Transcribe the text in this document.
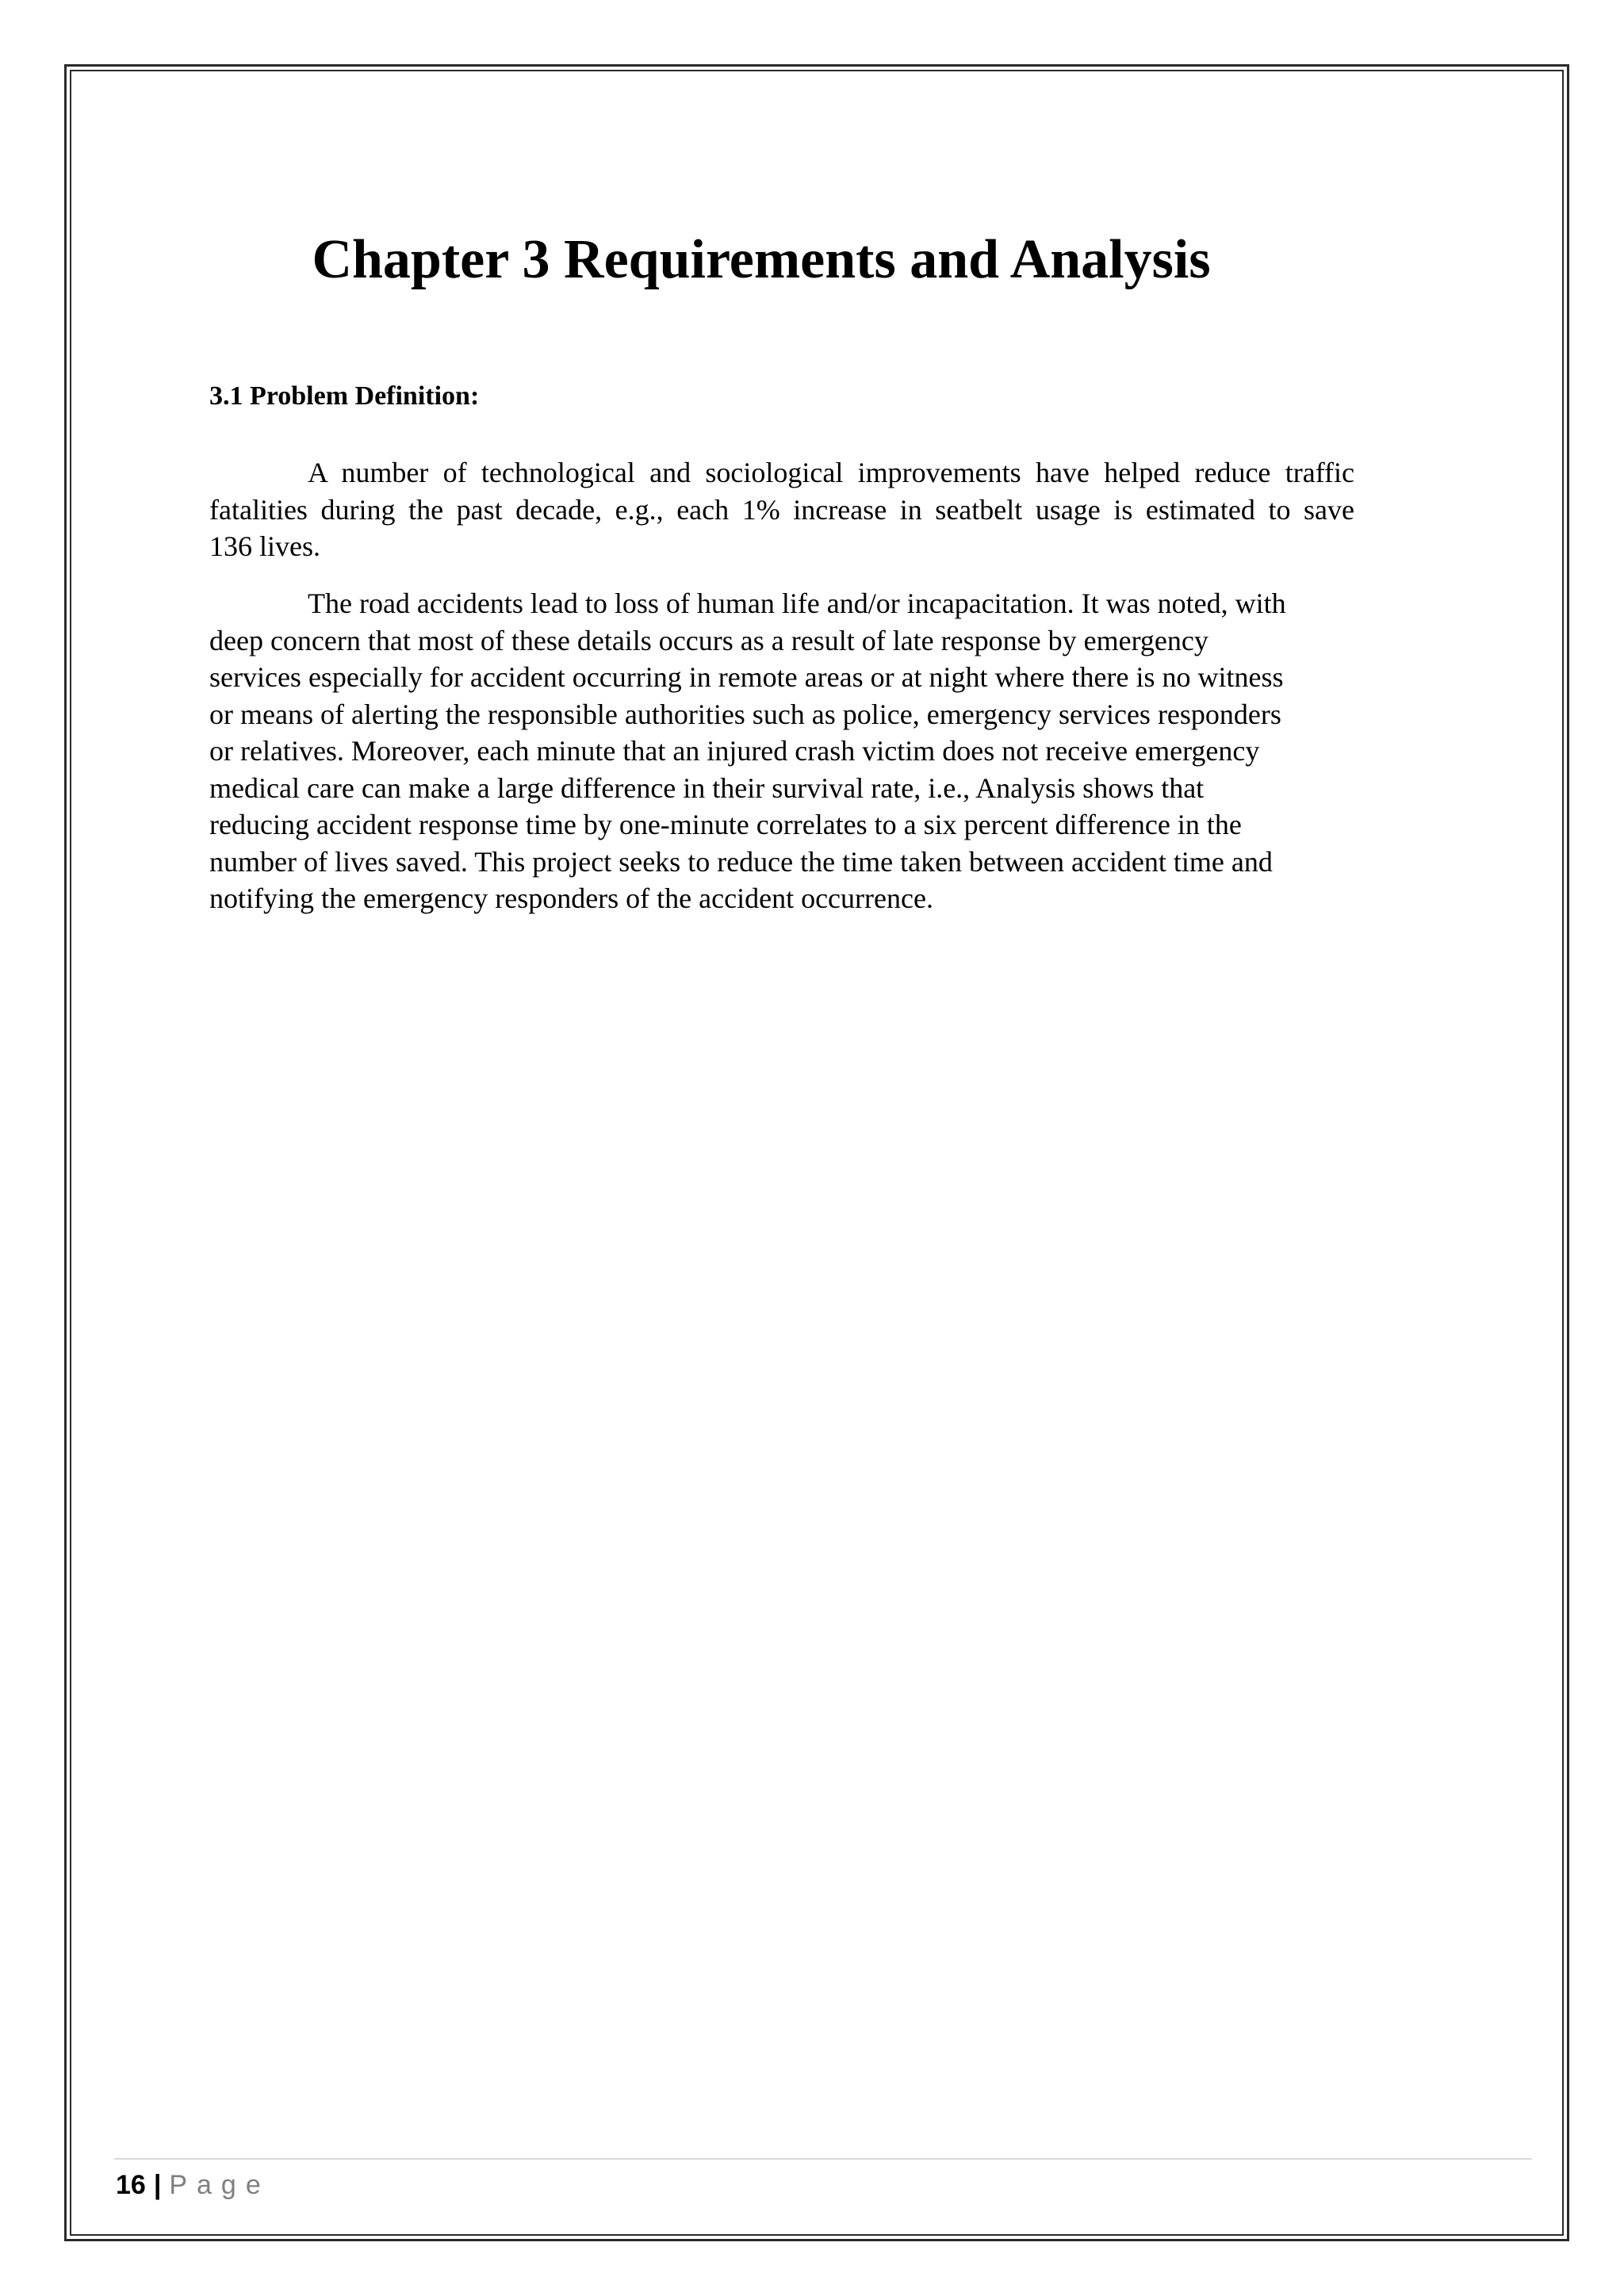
Chapter 3 Requirements and Analysis
3.1 Problem Definition:
A number of technological and sociological improvements have helped reduce traffic
fatalities during the past decade, e.g., each 1% increase in seatbelt usage is estimated to save
136 lives.
The road accidents lead to loss of human life and/or incapacitation. It was noted, with
deep concern that most of these details occurs as a result of late response by emergency
services especially for accident occurring in remote areas or at night where there is no witness
or means of alerting the responsible authorities such as police, emergency services responders
or relatives. Moreover, each minute that an injured crash victim does not receive emergency
medical care can make a large difference in their survival rate, i.e., Analysis shows that
reducing accident response time by one-minute correlates to a six percent difference in the
number of lives saved. This project seeks to reduce the time taken between accident time and
notifying the emergency responders of the accident occurrence.
16 | Page
